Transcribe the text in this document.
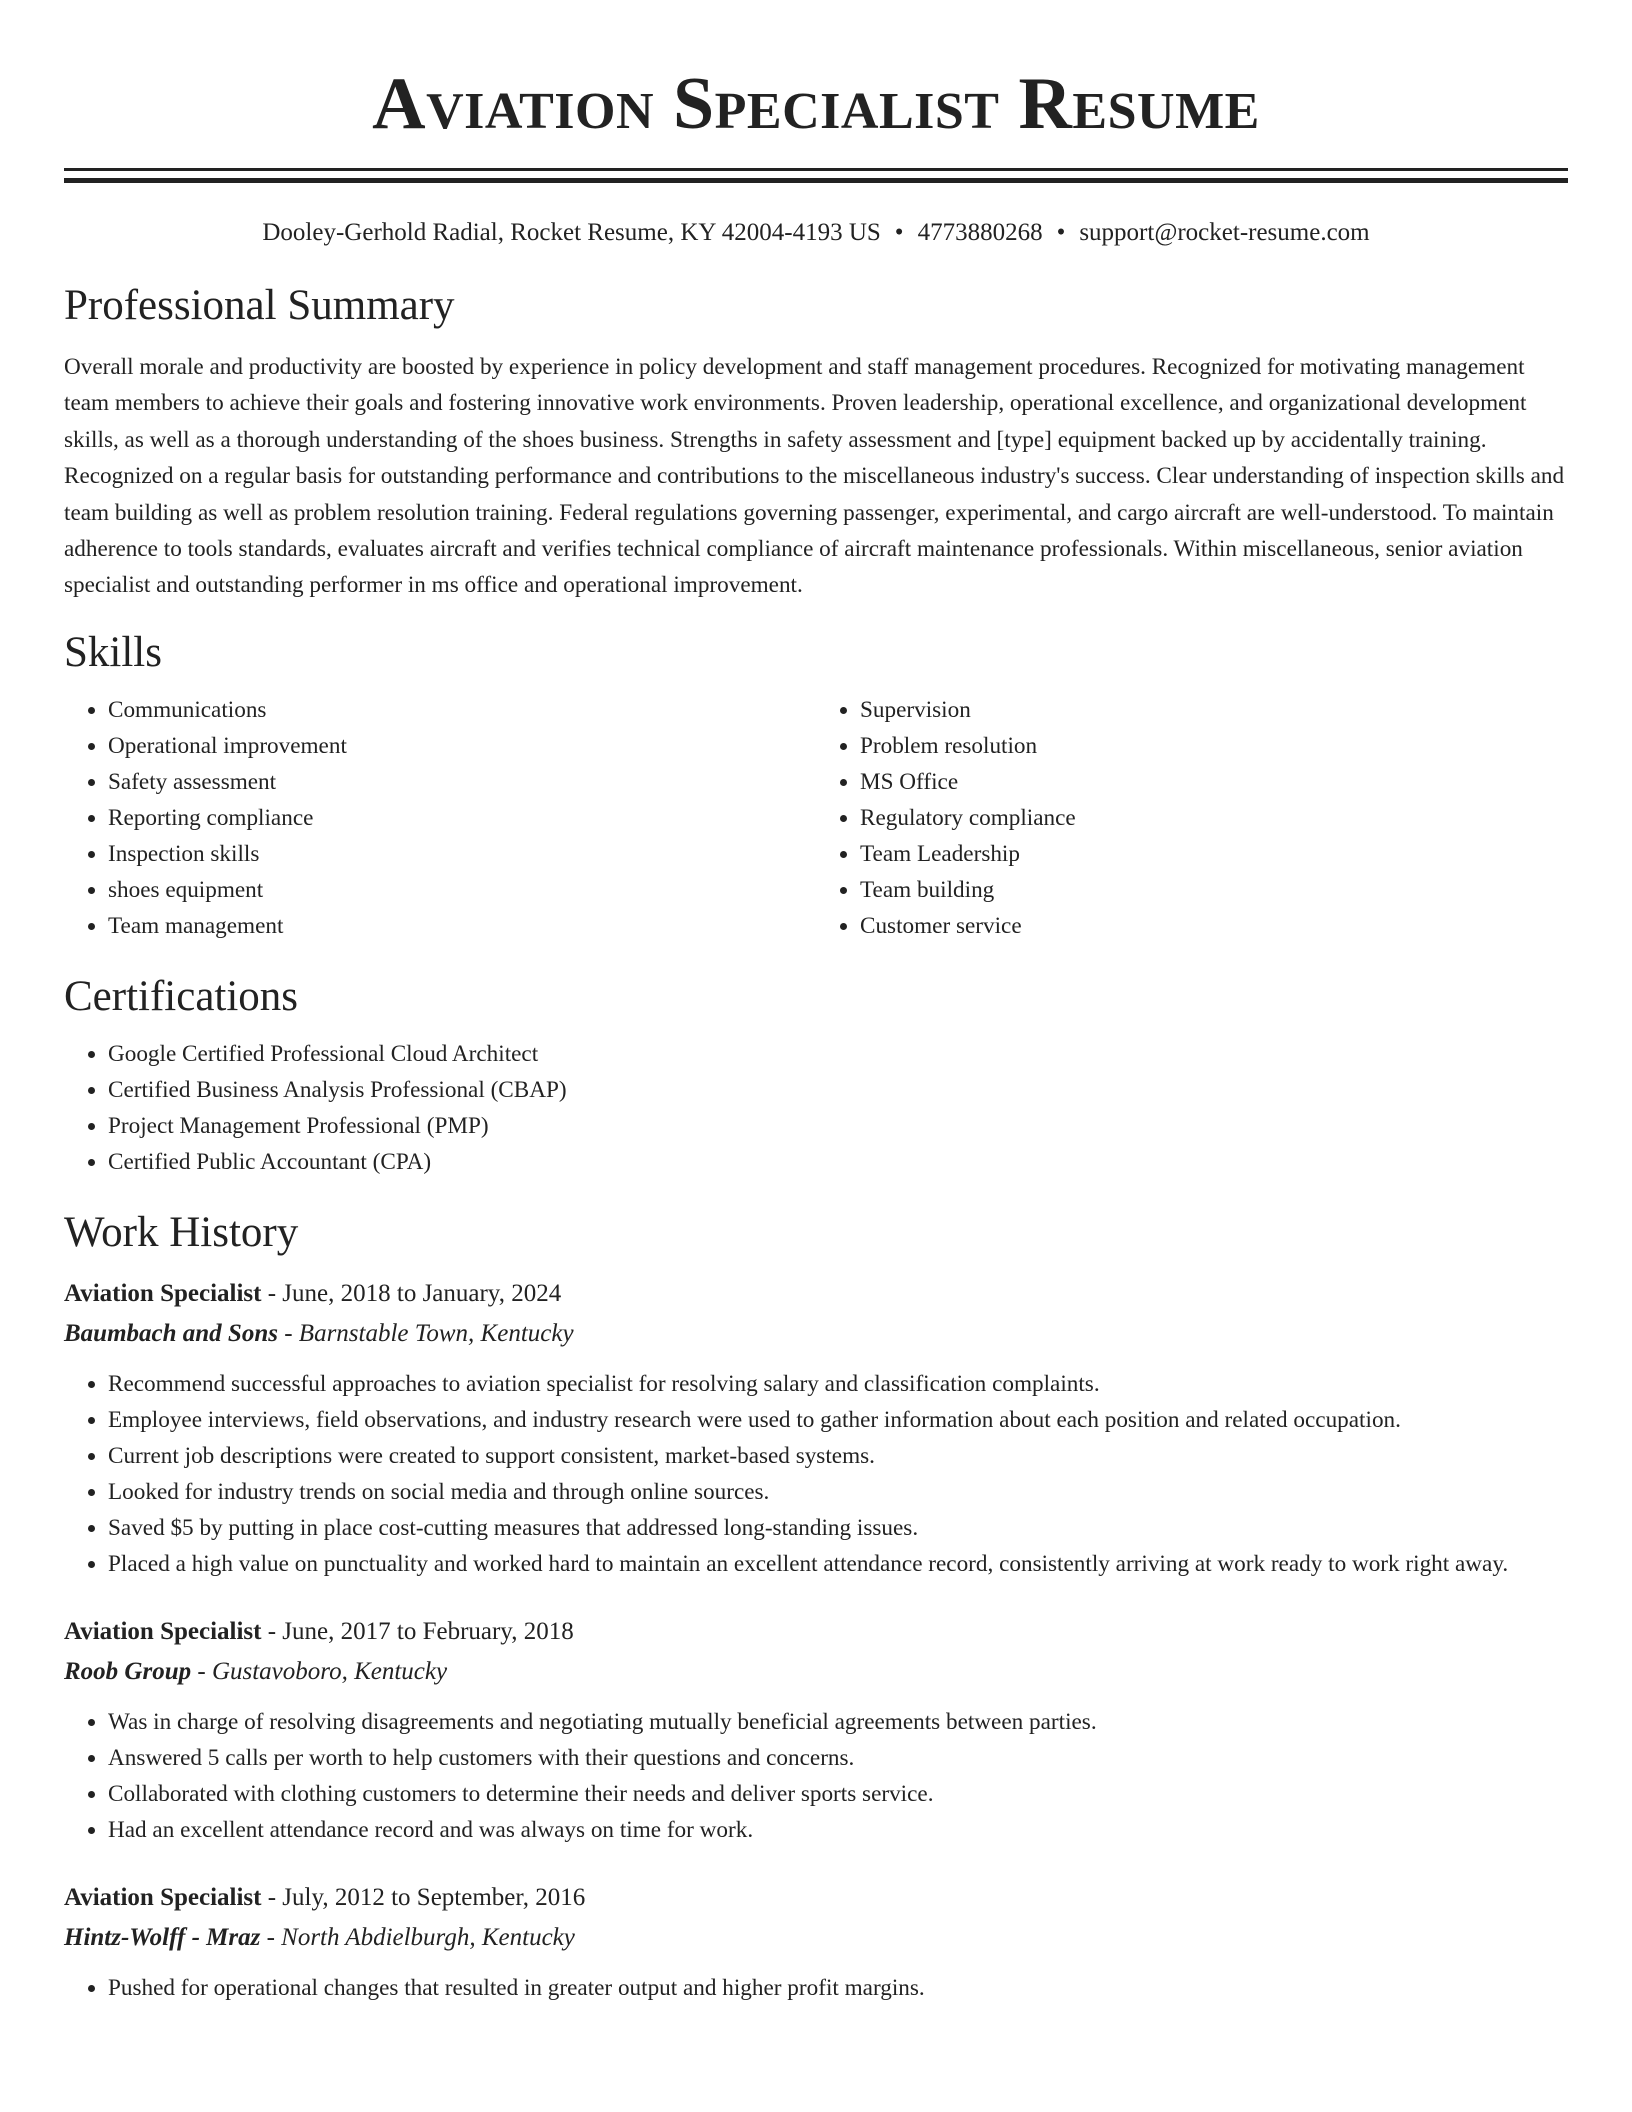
Aviation Specialist Resume
Dooley-Gerhold Radial, Rocket Resume, KY 42004-4193 US • 4773880268 • support@rocket-resume.com
Professional Summary

Overall morale and productivity are boosted by experience in policy development and staff management procedures. Recognized for motivating management team members to achieve their goals and fostering innovative work environments. Proven leadership, operational excellence, and organizational development skills, as well as a thorough understanding of the shoes business. Strengths in safety assessment and [type] equipment backed up by accidentally training. Recognized on a regular basis for outstanding performance and contributions to the miscellaneous industry's success. Clear understanding of inspection skills and team building as well as problem resolution training. Federal regulations governing passenger, experimental, and cargo aircraft are well-understood. To maintain adherence to tools standards, evaluates aircraft and verifies technical compliance of aircraft maintenance professionals. Within miscellaneous, senior aviation specialist and outstanding performer in ms office and operational improvement.

Skills
• Communications
• Operational improvement
• Safety assessment
• Reporting compliance
• Inspection skills
• shoes equipment
• Team management
• Supervision
• Problem resolution
• MS Office
• Regulatory compliance
• Team Leadership
• Team building
• Customer service
Certifications
• Google Certified Professional Cloud Architect
• Certified Business Analysis Professional (CBAP)
• Project Management Professional (PMP)
• Certified Public Accountant (CPA)
Work History
Aviation Specialist - June, 2018 to January, 2024
Baumbach and Sons - Barnstable Town, Kentucky
• Recommend successful approaches to aviation specialist for resolving salary and classification complaints.
• Employee interviews, field observations, and industry research were used to gather information about each position and related occupation.
• Current job descriptions were created to support consistent, market-based systems.
• Looked for industry trends on social media and through online sources.
• Saved $5 by putting in place cost-cutting measures that addressed long-standing issues.
• Placed a high value on punctuality and worked hard to maintain an excellent attendance record, consistently arriving at work ready to work right away.
Aviation Specialist - June, 2017 to February, 2018
Roob Group - Gustavoboro, Kentucky
• Was in charge of resolving disagreements and negotiating mutually beneficial agreements between parties.
• Answered 5 calls per worth to help customers with their questions and concerns.
• Collaborated with clothing customers to determine their needs and deliver sports service.
• Had an excellent attendance record and was always on time for work.
Aviation Specialist - July, 2012 to September, 2016
Hintz-Wolff - Mraz - North Abdielburgh, Kentucky
• Pushed for operational changes that resulted in greater output and higher profit margins.
